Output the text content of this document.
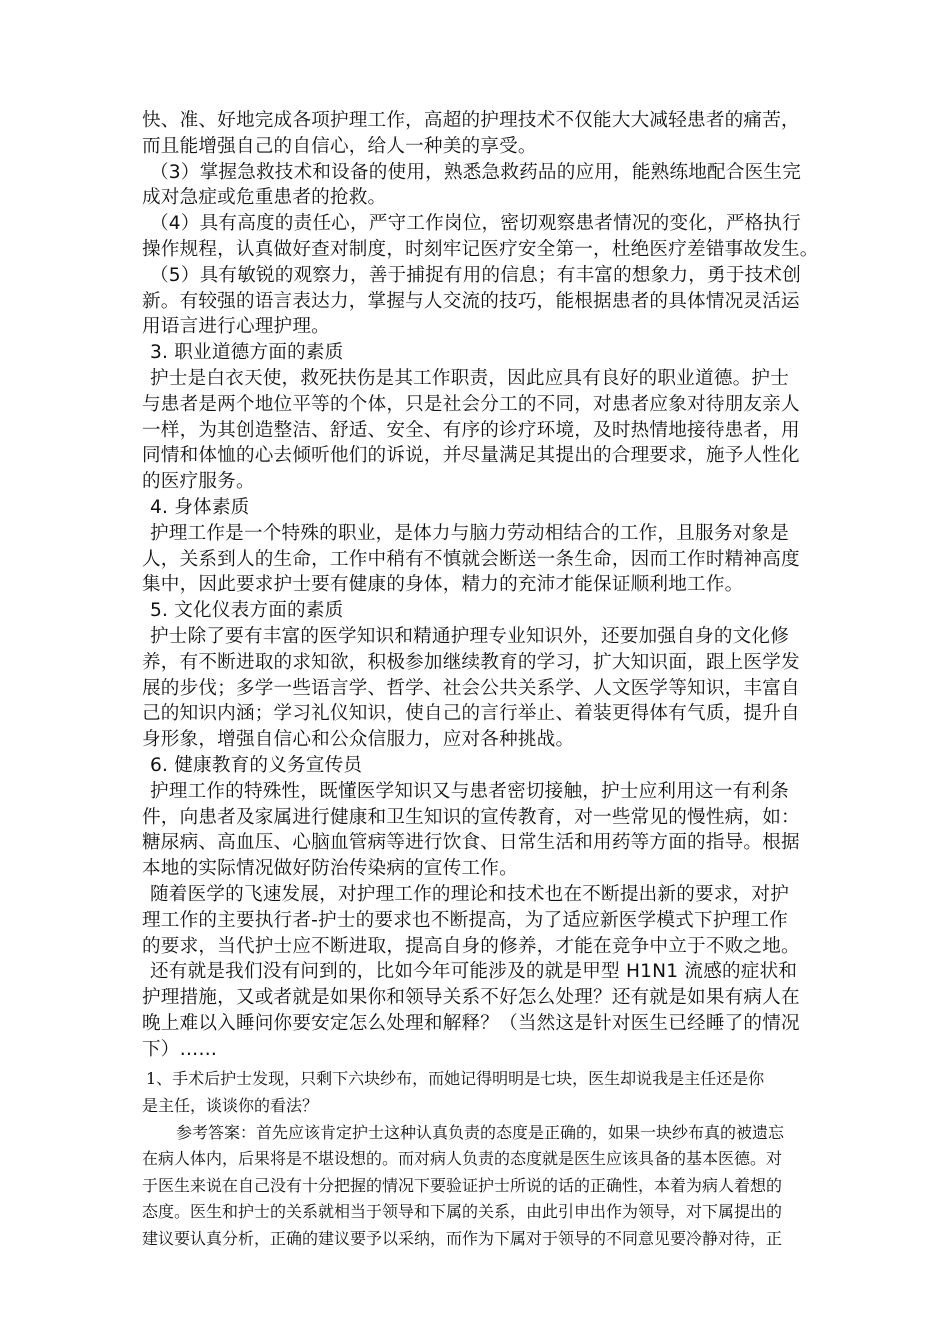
快、准、好地完成各项护理工作，高超的护理技术不仅能大大减轻患者的痛苦，
而且能增强自己的自信心，给人一种美的享受。
（3）掌握急救技术和设备的使用，熟悉急救药品的应用，能熟练地配合医生完
成对急症或危重患者的抢救。
（4）具有高度的责任心，严守工作岗位，密切观察患者情况的变化，严格执行
操作规程，认真做好查对制度，时刻牢记医疗安全第一，杜绝医疗差错事故发生。
（5）具有敏锐的观察力，善于捕捉有用的信息；有丰富的想象力，勇于技术创
新。有较强的语言表达力，掌握与人交流的技巧，能根据患者的具体情况灵活运
用语言进行心理护理。
3. 职业道德方面的素质
护士是白衣天使，救死扶伤是其工作职责，因此应具有良好的职业道德。护士
与患者是两个地位平等的个体，只是社会分工的不同，对患者应象对待朋友亲人
一样，为其创造整洁、舒适、安全、有序的诊疗环境，及时热情地接待患者，用
同情和体恤的心去倾听他们的诉说，并尽量满足其提出的合理要求，施予人性化
的医疗服务。
4. 身体素质
护理工作是一个特殊的职业，是体力与脑力劳动相结合的工作，且服务对象是
人，关系到人的生命，工作中稍有不慎就会断送一条生命，因而工作时精神高度
集中，因此要求护士要有健康的身体，精力的充沛才能保证顺利地工作。
5. 文化仪表方面的素质
护士除了要有丰富的医学知识和精通护理专业知识外，还要加强自身的文化修
养，有不断进取的求知欲，积极参加继续教育的学习，扩大知识面，跟上医学发
展的步伐；多学一些语言学、哲学、社会公共关系学、人文医学等知识，丰富自
己的知识内涵；学习礼仪知识，使自己的言行举止、着装更得体有气质，提升自
身形象，增强自信心和公众信服力，应对各种挑战。
6. 健康教育的义务宣传员
护理工作的特殊性，既懂医学知识又与患者密切接触，护士应利用这一有利条
件，向患者及家属进行健康和卫生知识的宣传教育，对一些常见的慢性病，如：
糖尿病、高血压、心脑血管病等进行饮食、日常生活和用药等方面的指导。根据
本地的实际情况做好防治传染病的宣传工作。
随着医学的飞速发展，对护理工作的理论和技术也在不断提出新的要求，对护
理工作的主要执行者-护士的要求也不断提高，为了适应新医学模式下护理工作
的要求，当代护士应不断进取，提高自身的修养，才能在竞争中立于不败之地。
还有就是我们没有问到的，比如今年可能涉及的就是甲型 H1N1 流感的症状和
护理措施，又或者就是如果你和领导关系不好怎么处理？还有就是如果有病人在
晚上难以入睡问你要安定怎么处理和解释？（当然这是针对医生已经睡了的情况
下）……
1、手术后护士发现，只剩下六块纱布，而她记得明明是七块，医生却说我是主任还是你
是主任，谈谈你的看法？
参考答案：首先应该肯定护士这种认真负责的态度是正确的，如果一块纱布真的被遗忘
在病人体内，后果将是不堪设想的。而对病人负责的态度就是医生应该具备的基本医德。对
于医生来说在自己没有十分把握的情况下要验证护士所说的话的正确性，本着为病人着想的
态度。医生和护士的关系就相当于领导和下属的关系，由此引申出作为领导，对下属提出的
建议要认真分析，正确的建议要予以采纳，而作为下属对于领导的不同意见要冷静对待，正
